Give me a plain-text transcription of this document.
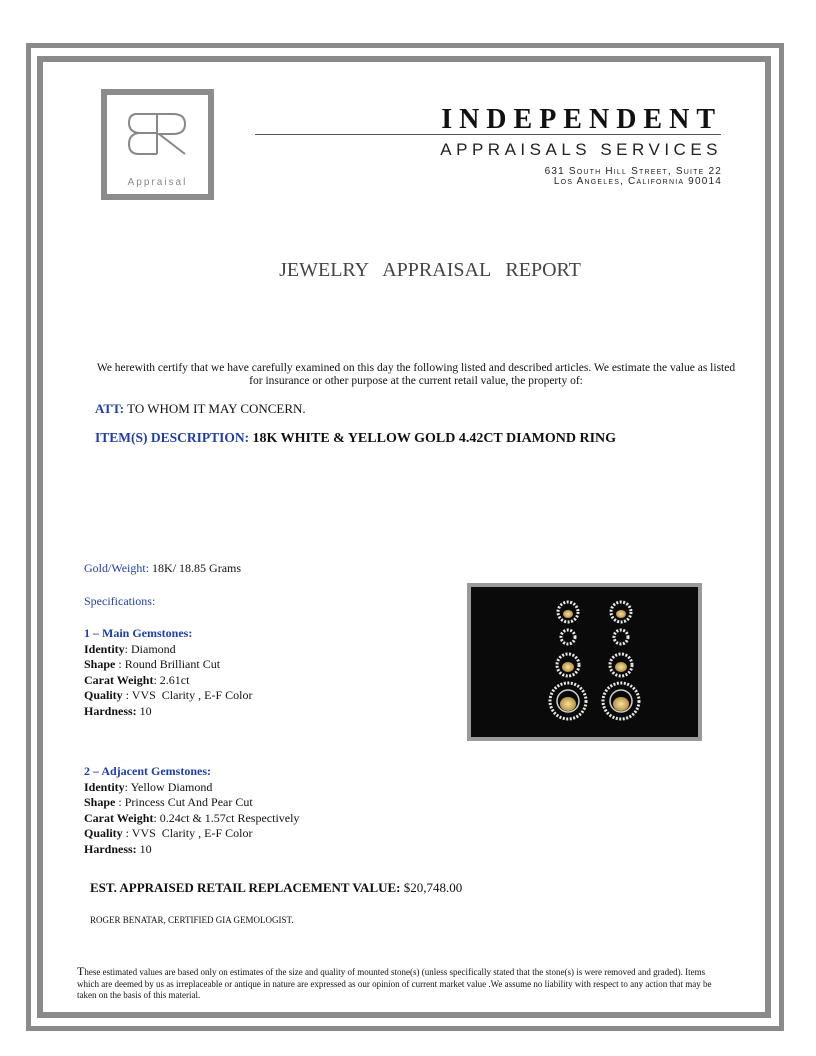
Appraisal
INDEPENDENT
APPRAISALS SERVICES
631 South Hill Street, Suite 22
Los Angeles, California 90014
JEWELRY APPRAISAL REPORT
We herewith certify that we have carefully examined on this day the following listed and described articles. We estimate the value as listed for insurance or other purpose at the current retail value, the property of:
ATT: TO WHOM IT MAY CONCERN.
ITEM(S) DESCRIPTION: 18K WHITE & YELLOW GOLD 4.42CT DIAMOND RING
Gold/Weight: 18K/ 18.85 Grams
Specifications:
1 – Main Gemstones:
Identity: Diamond
Shape : Round Brilliant Cut
Carat Weight: 2.61ct
Quality : VVS  Clarity , E-F Color
Hardness: 10
2 – Adjacent Gemstones:
Identity: Yellow Diamond
Shape : Princess Cut And Pear Cut
Carat Weight: 0.24ct & 1.57ct Respectively
Quality : VVS  Clarity , E-F Color
Hardness: 10
EST. APPRAISED RETAIL REPLACEMENT VALUE: $20,748.00
ROGER BENATAR, CERTIFIED GIA GEMOLOGIST.
These estimated values are based only on estimates of the size and quality of mounted stone(s) (unless specifically stated that the stone(s) is were removed and graded). Items which are deemed by us as irreplaceable or antique in nature are expressed as our opinion of current market value .We assume no liability with respect to any action that may be taken on the basis of this material.
